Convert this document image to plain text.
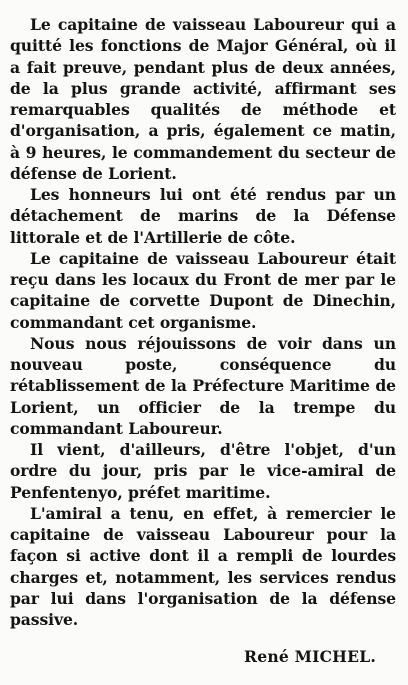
Le capitaine de vaisseau Laboureur qui a quitté les fonctions de Major Général, où il a fait preuve, pendant plus de deux années, de la plus grande activité, affirmant ses remarquables qualités de méthode et d'organisation, a pris, également ce matin, à 9 heures, le commandement du secteur de défense de Lorient.

Les honneurs lui ont été rendus par un détachement de marins de la Défense littorale et de l'Artillerie de côte.

Le capitaine de vaisseau Laboureur était reçu dans les locaux du Front de mer par le capitaine de corvette Dupont de Dinechin, commandant cet organisme.

Nous nous réjouissons de voir dans un nouveau poste, conséquence du rétablissement de la Préfecture Maritime de Lorient, un officier de la trempe du commandant Laboureur.

Il vient, d'ailleurs, d'être l'objet, d'un ordre du jour, pris par le vice-amiral de Penfentenyo, préfet maritime.

L'amiral a tenu, en effet, à remercier le capitaine de vaisseau Laboureur pour la façon si active dont il a rempli de lourdes charges et, notamment, les services rendus par lui dans l'organisation de la défense passive.

René MICHEL.
